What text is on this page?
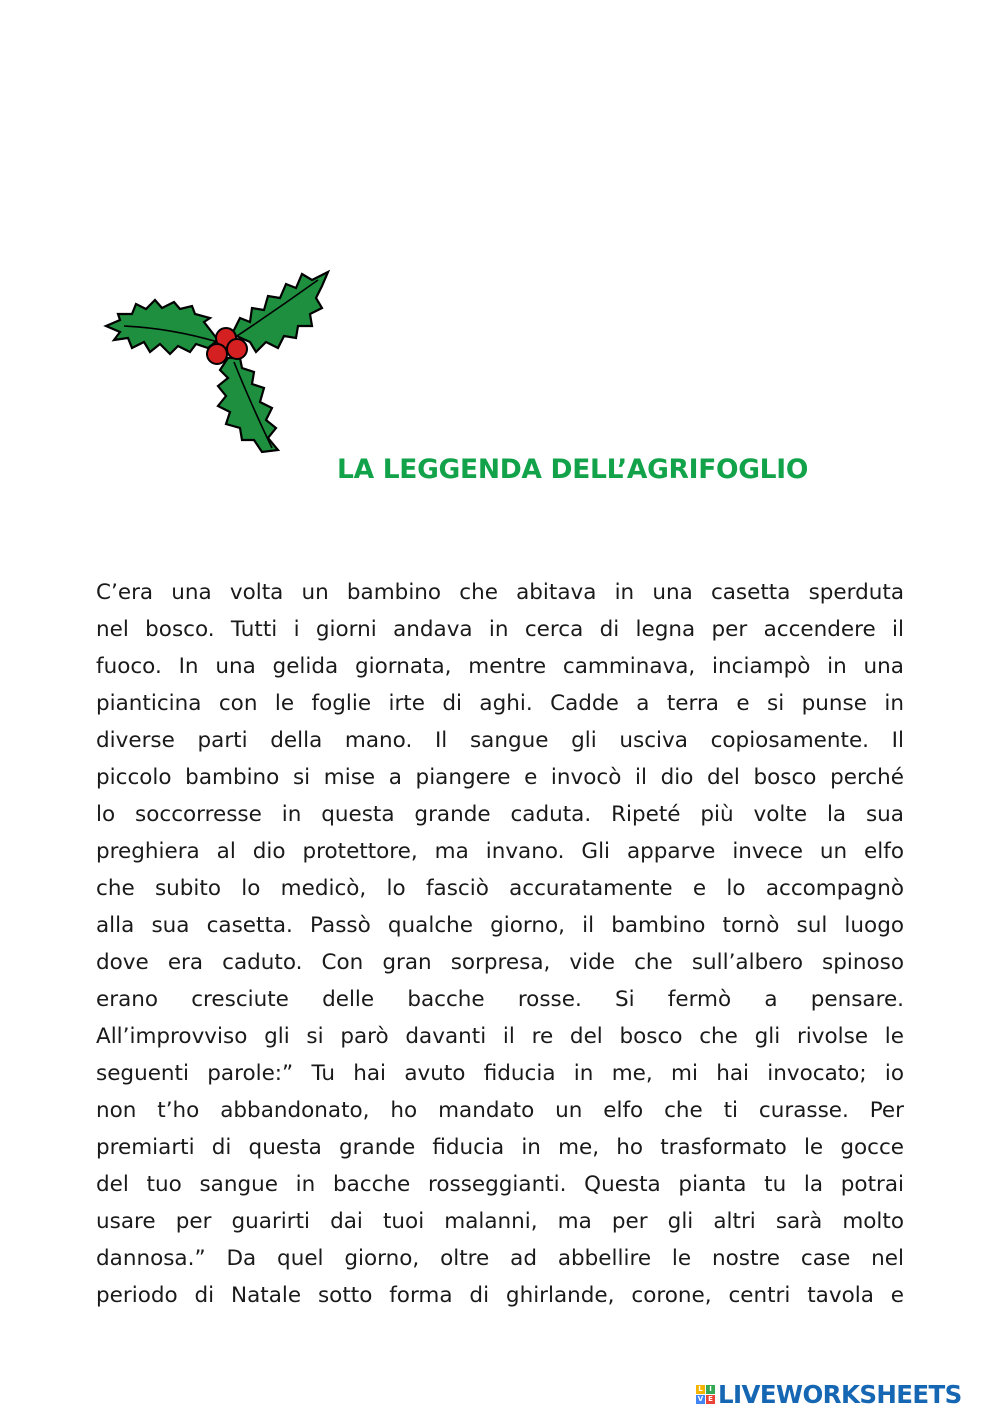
LA LEGGENDA DELL’AGRIFOGLIO
C’era una volta un bambino che abitava in una casetta sperduta
nel bosco. Tutti i giorni andava in cerca di legna per accendere il
fuoco. In una gelida giornata, mentre camminava, inciampò in una
pianticina con le foglie irte di aghi. Cadde a terra e si punse in
diverse parti della mano. Il sangue gli usciva copiosamente. Il
piccolo bambino si mise a piangere e invocò il dio del bosco perché
lo soccorresse in questa grande caduta. Ripeté più volte la sua
preghiera al dio protettore, ma invano. Gli apparve invece un elfo
che subito lo medicò, lo fasciò accuratamente e lo accompagnò
alla sua casetta. Passò qualche giorno, il bambino tornò sul luogo
dove era caduto. Con gran sorpresa, vide che sull’albero spinoso
erano cresciute delle bacche rosse. Si fermò a pensare.
All’improvviso gli si parò davanti il re del bosco che gli rivolse le
seguenti parole:” Tu hai avuto fiducia in me, mi hai invocato; io
non t’ho abbandonato, ho mandato un elfo che ti curasse. Per
premiarti di questa grande fiducia in me, ho trasformato le gocce
del tuo sangue in bacche rosseggianti. Questa pianta tu la potrai
usare per guarirti dai tuoi malanni, ma per gli altri sarà molto
dannosa.” Da quel giorno, oltre ad abbellire le nostre case nel
periodo di Natale sotto forma di ghirlande, corone, centri tavola e
L I
V E LIVEWORKSHEETS
